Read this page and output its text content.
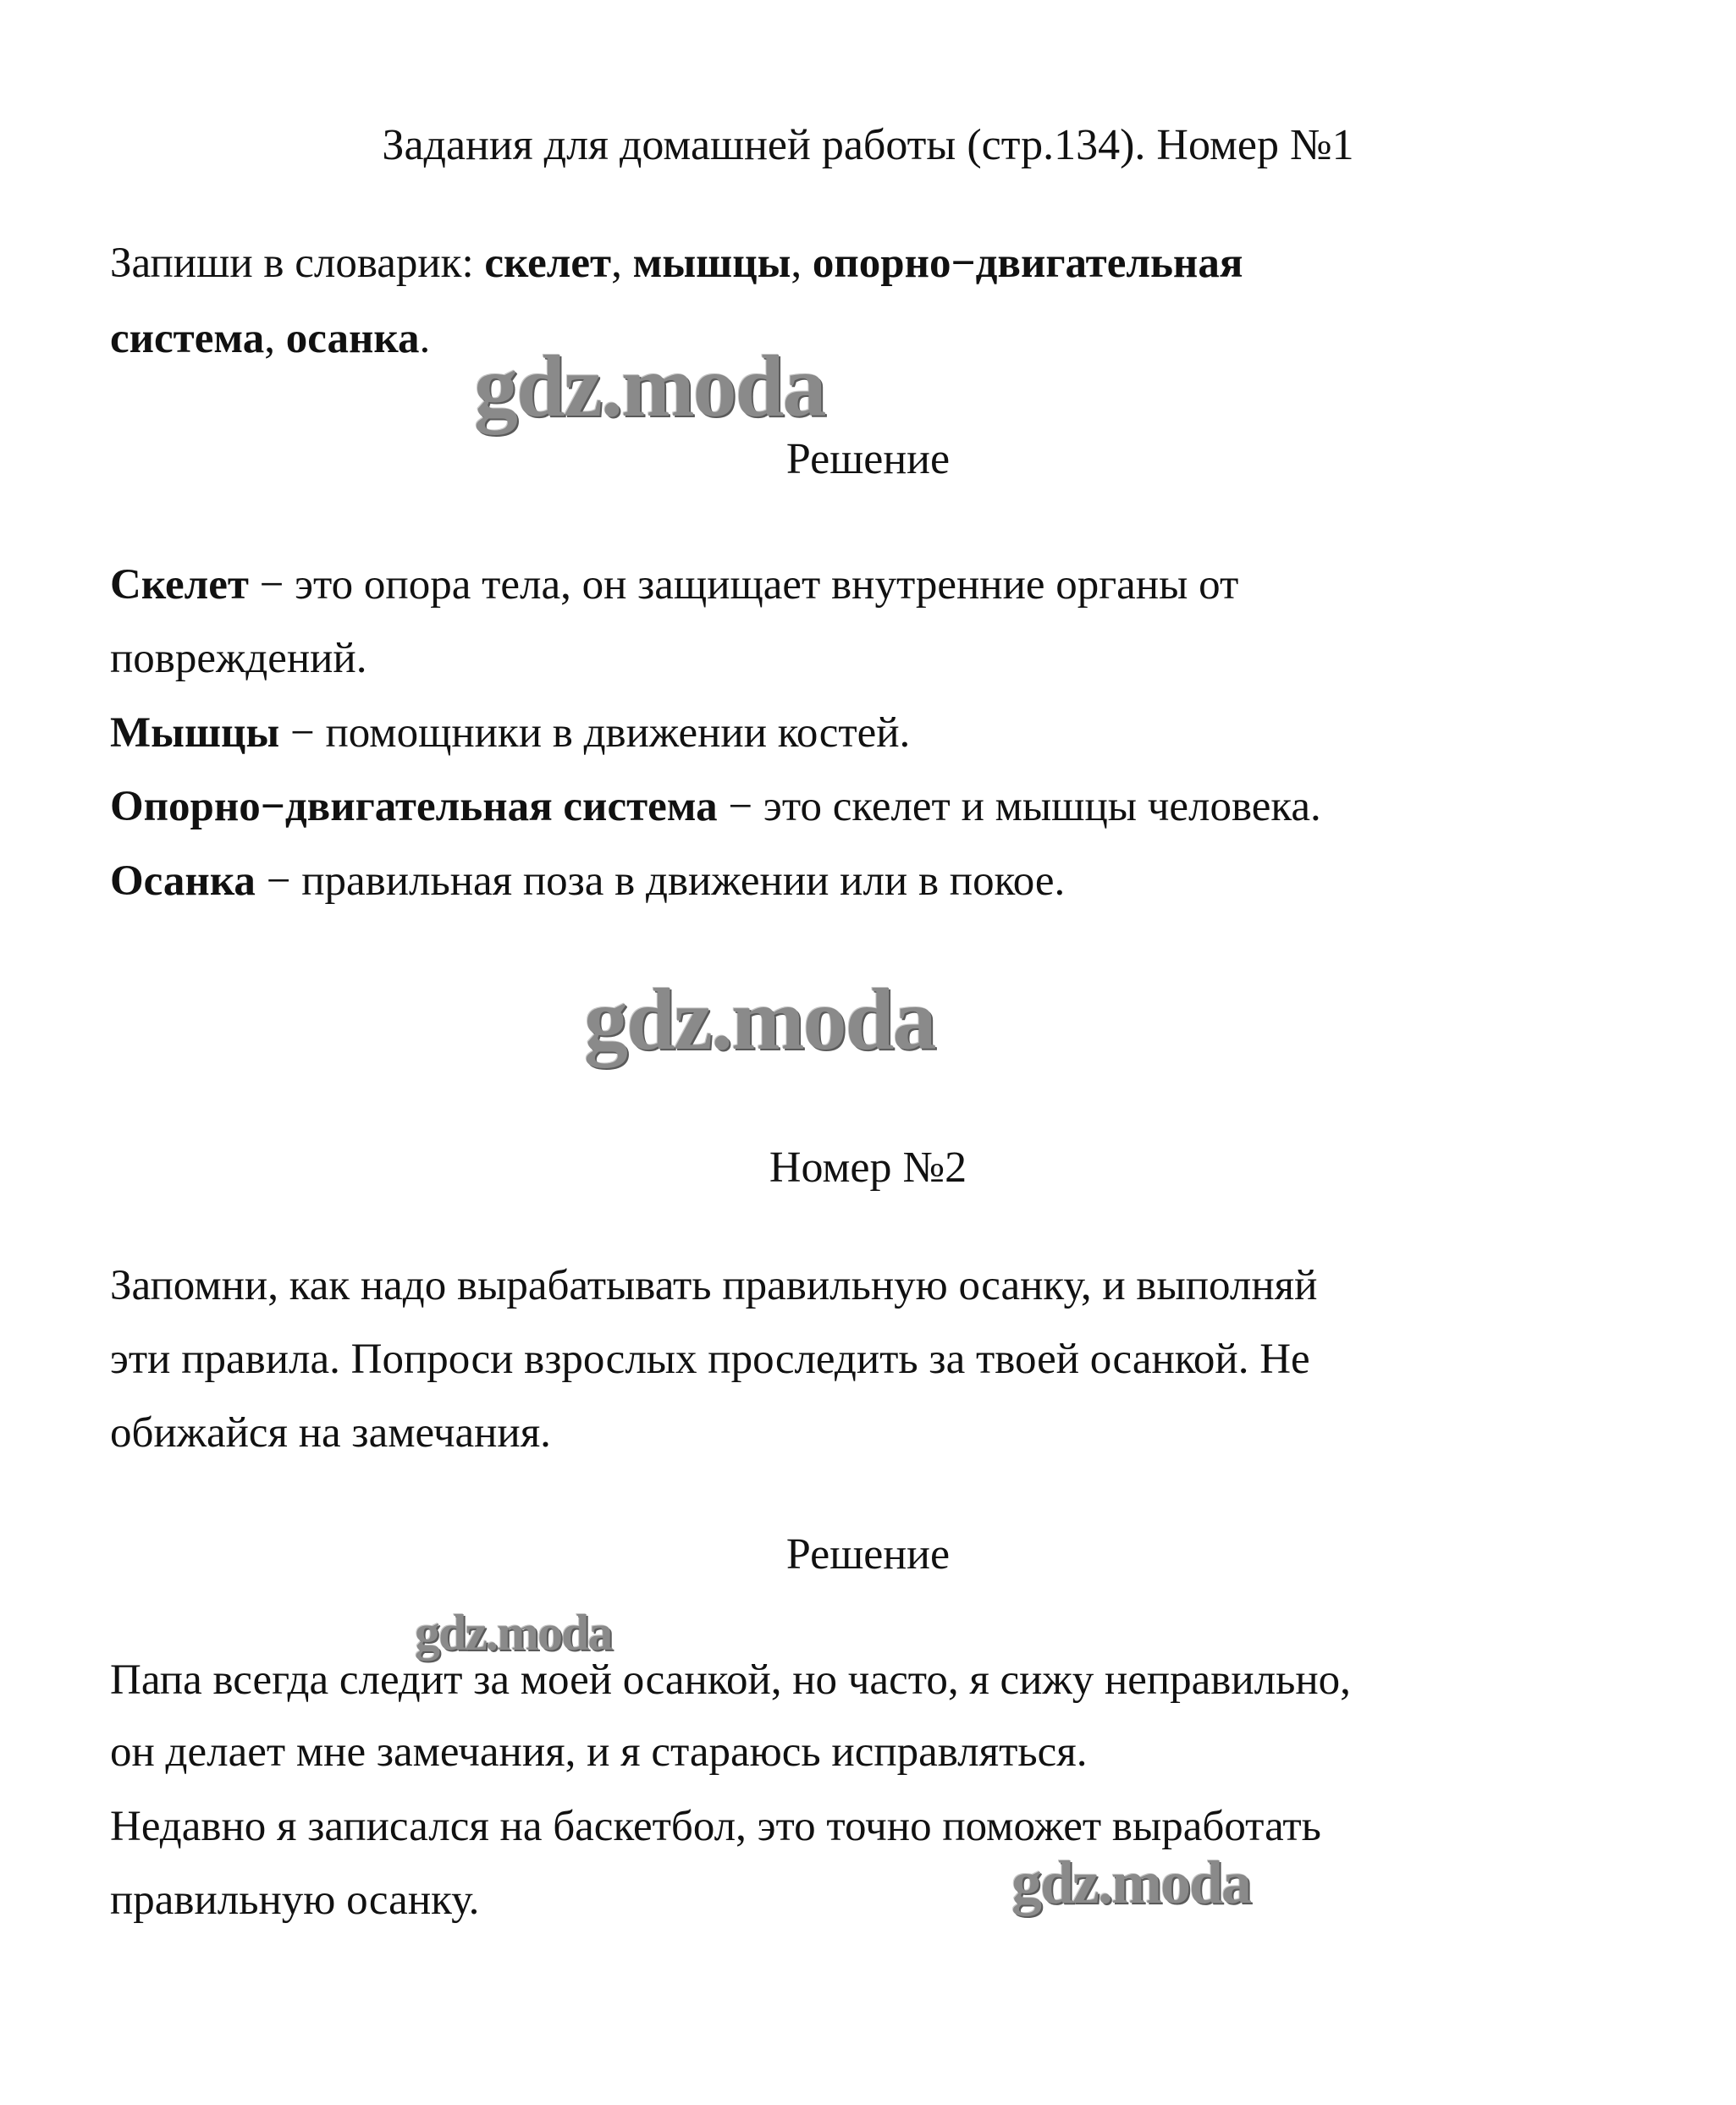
Задания для домашней работы (стр.134). Номер №1
Запиши в словарик: скелет, мышцы, опорно−двигательная
система, осанка. gdz.moda
Решение
Скелет − это опора тела, он защищает внутренние органы от
повреждений.
Мышцы − помощники в движении костей.
Опорно−двигательная система − это скелет и мышцы человека.
Осанка − правильная поза в движении или в покое.
gdz.moda
Номер №2
Запомни, как надо вырабатывать правильную осанку, и выполняй
эти правила. Попроси взрослых проследить за твоей осанкой. Не
обижайся на замечания.
Решение
gdz.moda
Папа всегда следит за моей осанкой, но часто, я сижу неправильно,
он делает мне замечания, и я стараюсь исправляться.
Недавно я записался на баскетбол, это точно поможет выработать
правильную осанку.	gdz.moda
